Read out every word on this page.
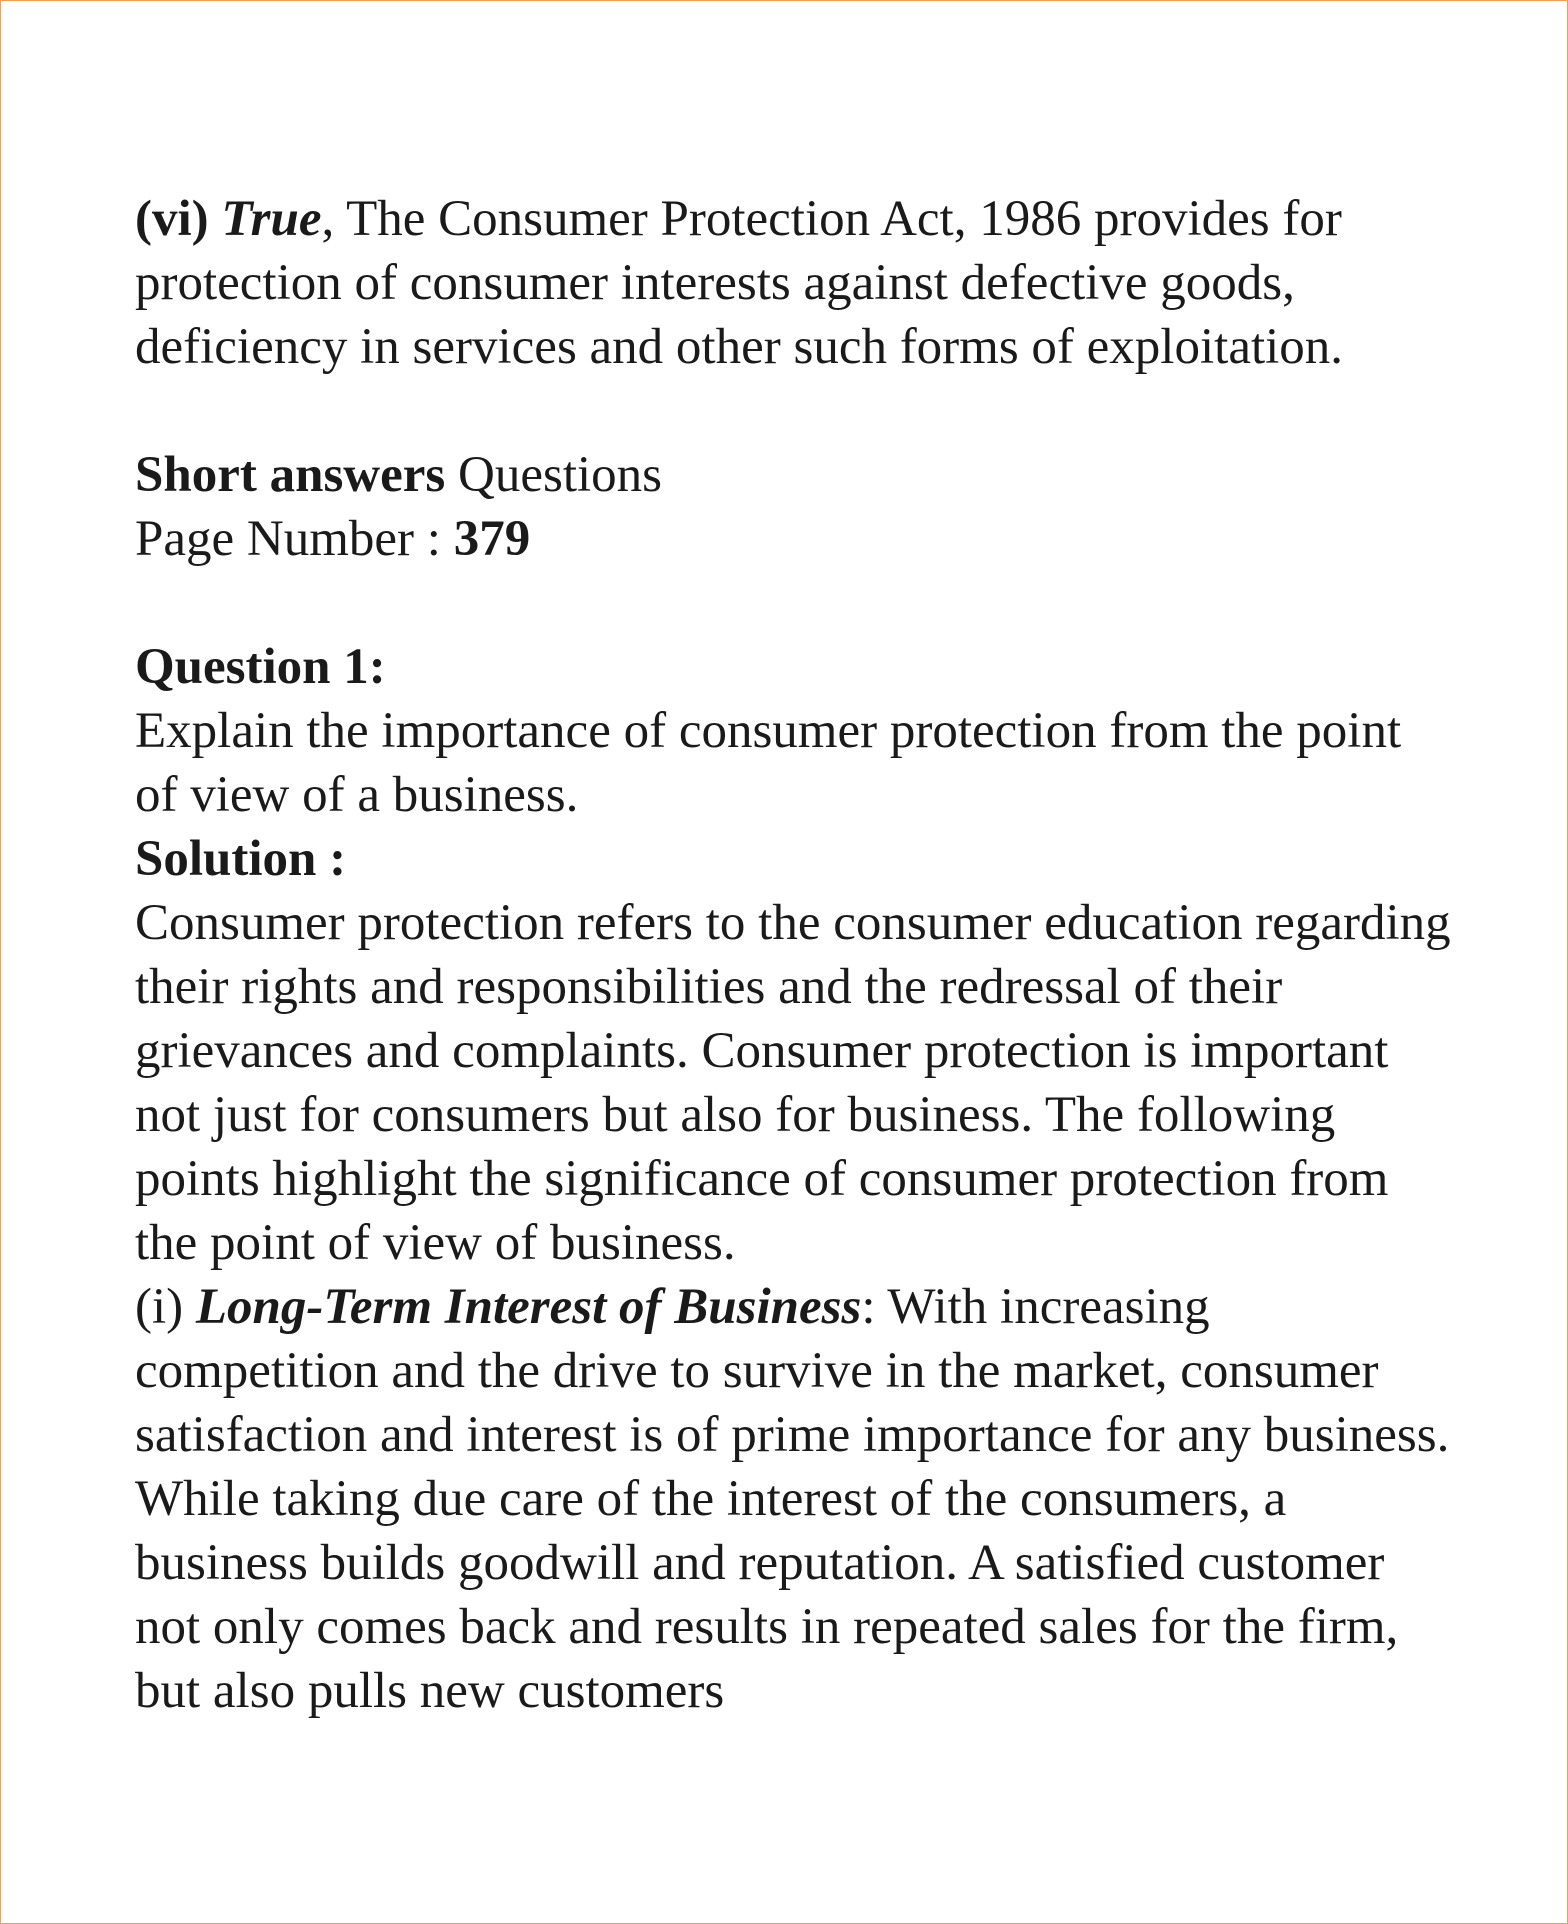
(vi) True, The Consumer Protection Act, 1986 provides for protection of consumer interests against defective goods, deficiency in services and other such forms of exploitation.

Short answers Questions

Page Number : 379

Question 1:

Explain the importance of consumer protection from the point of view of a business.

Solution :

Consumer protection refers to the consumer education regarding their rights and responsibilities and the redressal of their grievances and complaints. Consumer protection is important not just for consumers but also for business. The following points highlight the significance of consumer protection from the point of view of business.

(i) Long-Term Interest of Business: With increasing competition and the drive to survive in the market, consumer satisfaction and interest is of prime importance for any business. While taking due care of the interest of the consumers, a business builds goodwill and reputation. A satisfied customer not only comes back and results in repeated sales for the firm, but also pulls new customers
